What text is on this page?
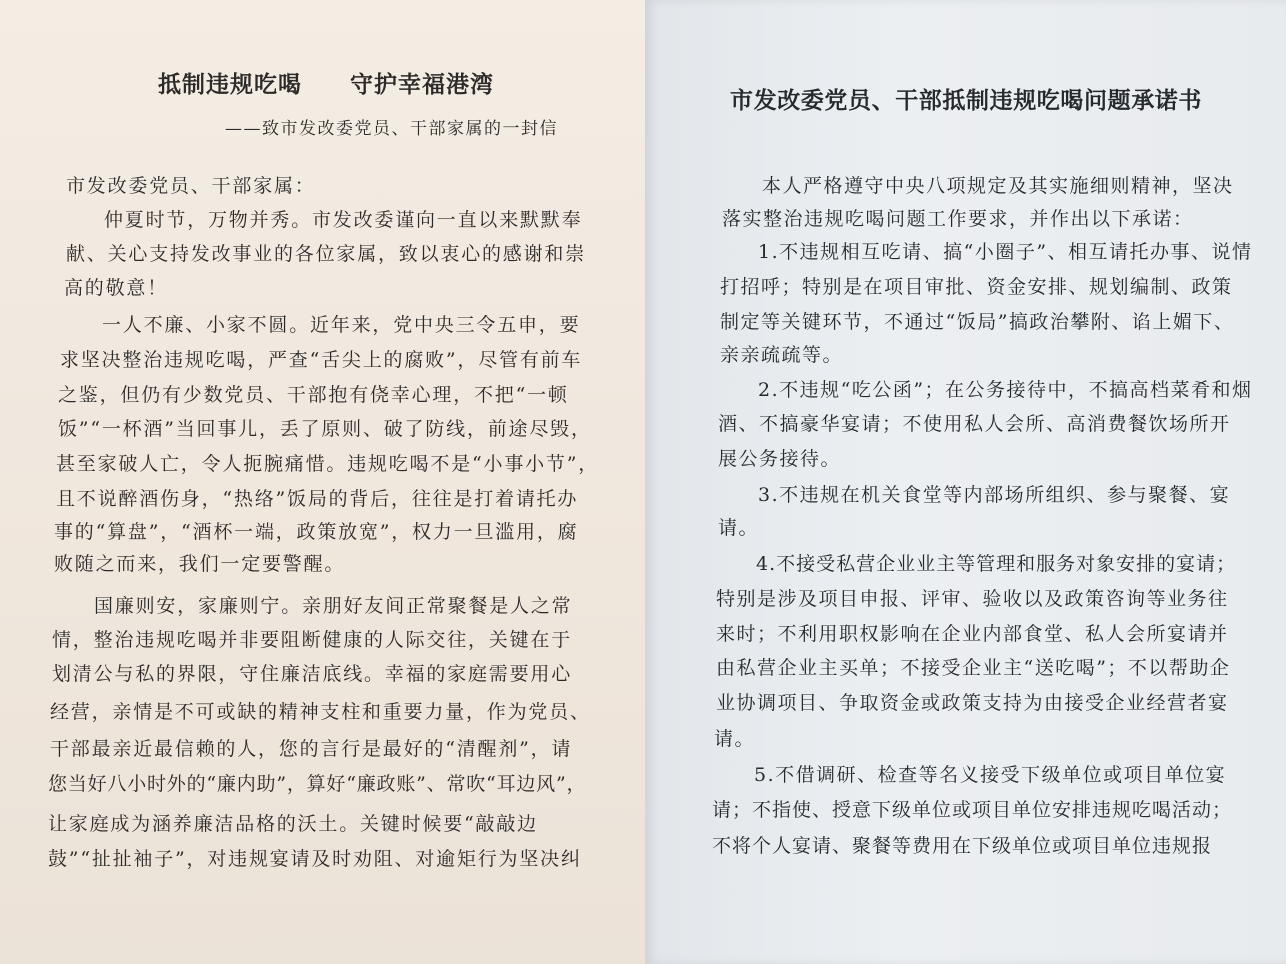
抵制违规吃喝　　守护幸福港湾
——致市发改委党员、干部家属的一封信
市发改委党员、干部家属：
仲夏时节，万物并秀。市发改委谨向一直以来默默奉
献、关心支持发改事业的各位家属，致以衷心的感谢和崇
高的敬意！
一人不廉、小家不圆。近年来，党中央三令五申，要
求坚决整治违规吃喝，严查“舌尖上的腐败”，尽管有前车
之鉴，但仍有少数党员、干部抱有侥幸心理，不把“一顿
饭”“一杯酒”当回事儿，丢了原则、破了防线，前途尽毁，
甚至家破人亡，令人扼腕痛惜。违规吃喝不是“小事小节”，
且不说醉酒伤身，“热络”饭局的背后，往往是打着请托办
事的“算盘”，“酒杯一端，政策放宽”，权力一旦滥用，腐
败随之而来，我们一定要警醒。
国廉则安，家廉则宁。亲朋好友间正常聚餐是人之常
情，整治违规吃喝并非要阻断健康的人际交往，关键在于
划清公与私的界限，守住廉洁底线。幸福的家庭需要用心
经营，亲情是不可或缺的精神支柱和重要力量，作为党员、
干部最亲近最信赖的人，您的言行是最好的“清醒剂”，请
您当好八小时外的“廉内助”，算好“廉政账”、常吹“耳边风”，
让家庭成为涵养廉洁品格的沃土。关键时候要“敲敲边
鼓”“扯扯袖子”，对违规宴请及时劝阻、对逾矩行为坚决纠
市发改委党员、干部抵制违规吃喝问题承诺书
本人严格遵守中央八项规定及其实施细则精神，坚决
落实整治违规吃喝问题工作要求，并作出以下承诺：
1.不违规相互吃请、搞“小圈子”、相互请托办事、说情
打招呼；特别是在项目审批、资金安排、规划编制、政策
制定等关键环节，不通过“饭局”搞政治攀附、谄上媚下、
亲亲疏疏等。
2.不违规“吃公函”；在公务接待中，不搞高档菜肴和烟
酒、不搞豪华宴请；不使用私人会所、高消费餐饮场所开
展公务接待。
3.不违规在机关食堂等内部场所组织、参与聚餐、宴
请。
4.不接受私营企业业主等管理和服务对象安排的宴请；
特别是涉及项目申报、评审、验收以及政策咨询等业务往
来时；不利用职权影响在企业内部食堂、私人会所宴请并
由私营企业主买单；不接受企业主“送吃喝”；不以帮助企
业协调项目、争取资金或政策支持为由接受企业经营者宴
请。
5.不借调研、检查等名义接受下级单位或项目单位宴
请；不指使、授意下级单位或项目单位安排违规吃喝活动；
不将个人宴请、聚餐等费用在下级单位或项目单位违规报
